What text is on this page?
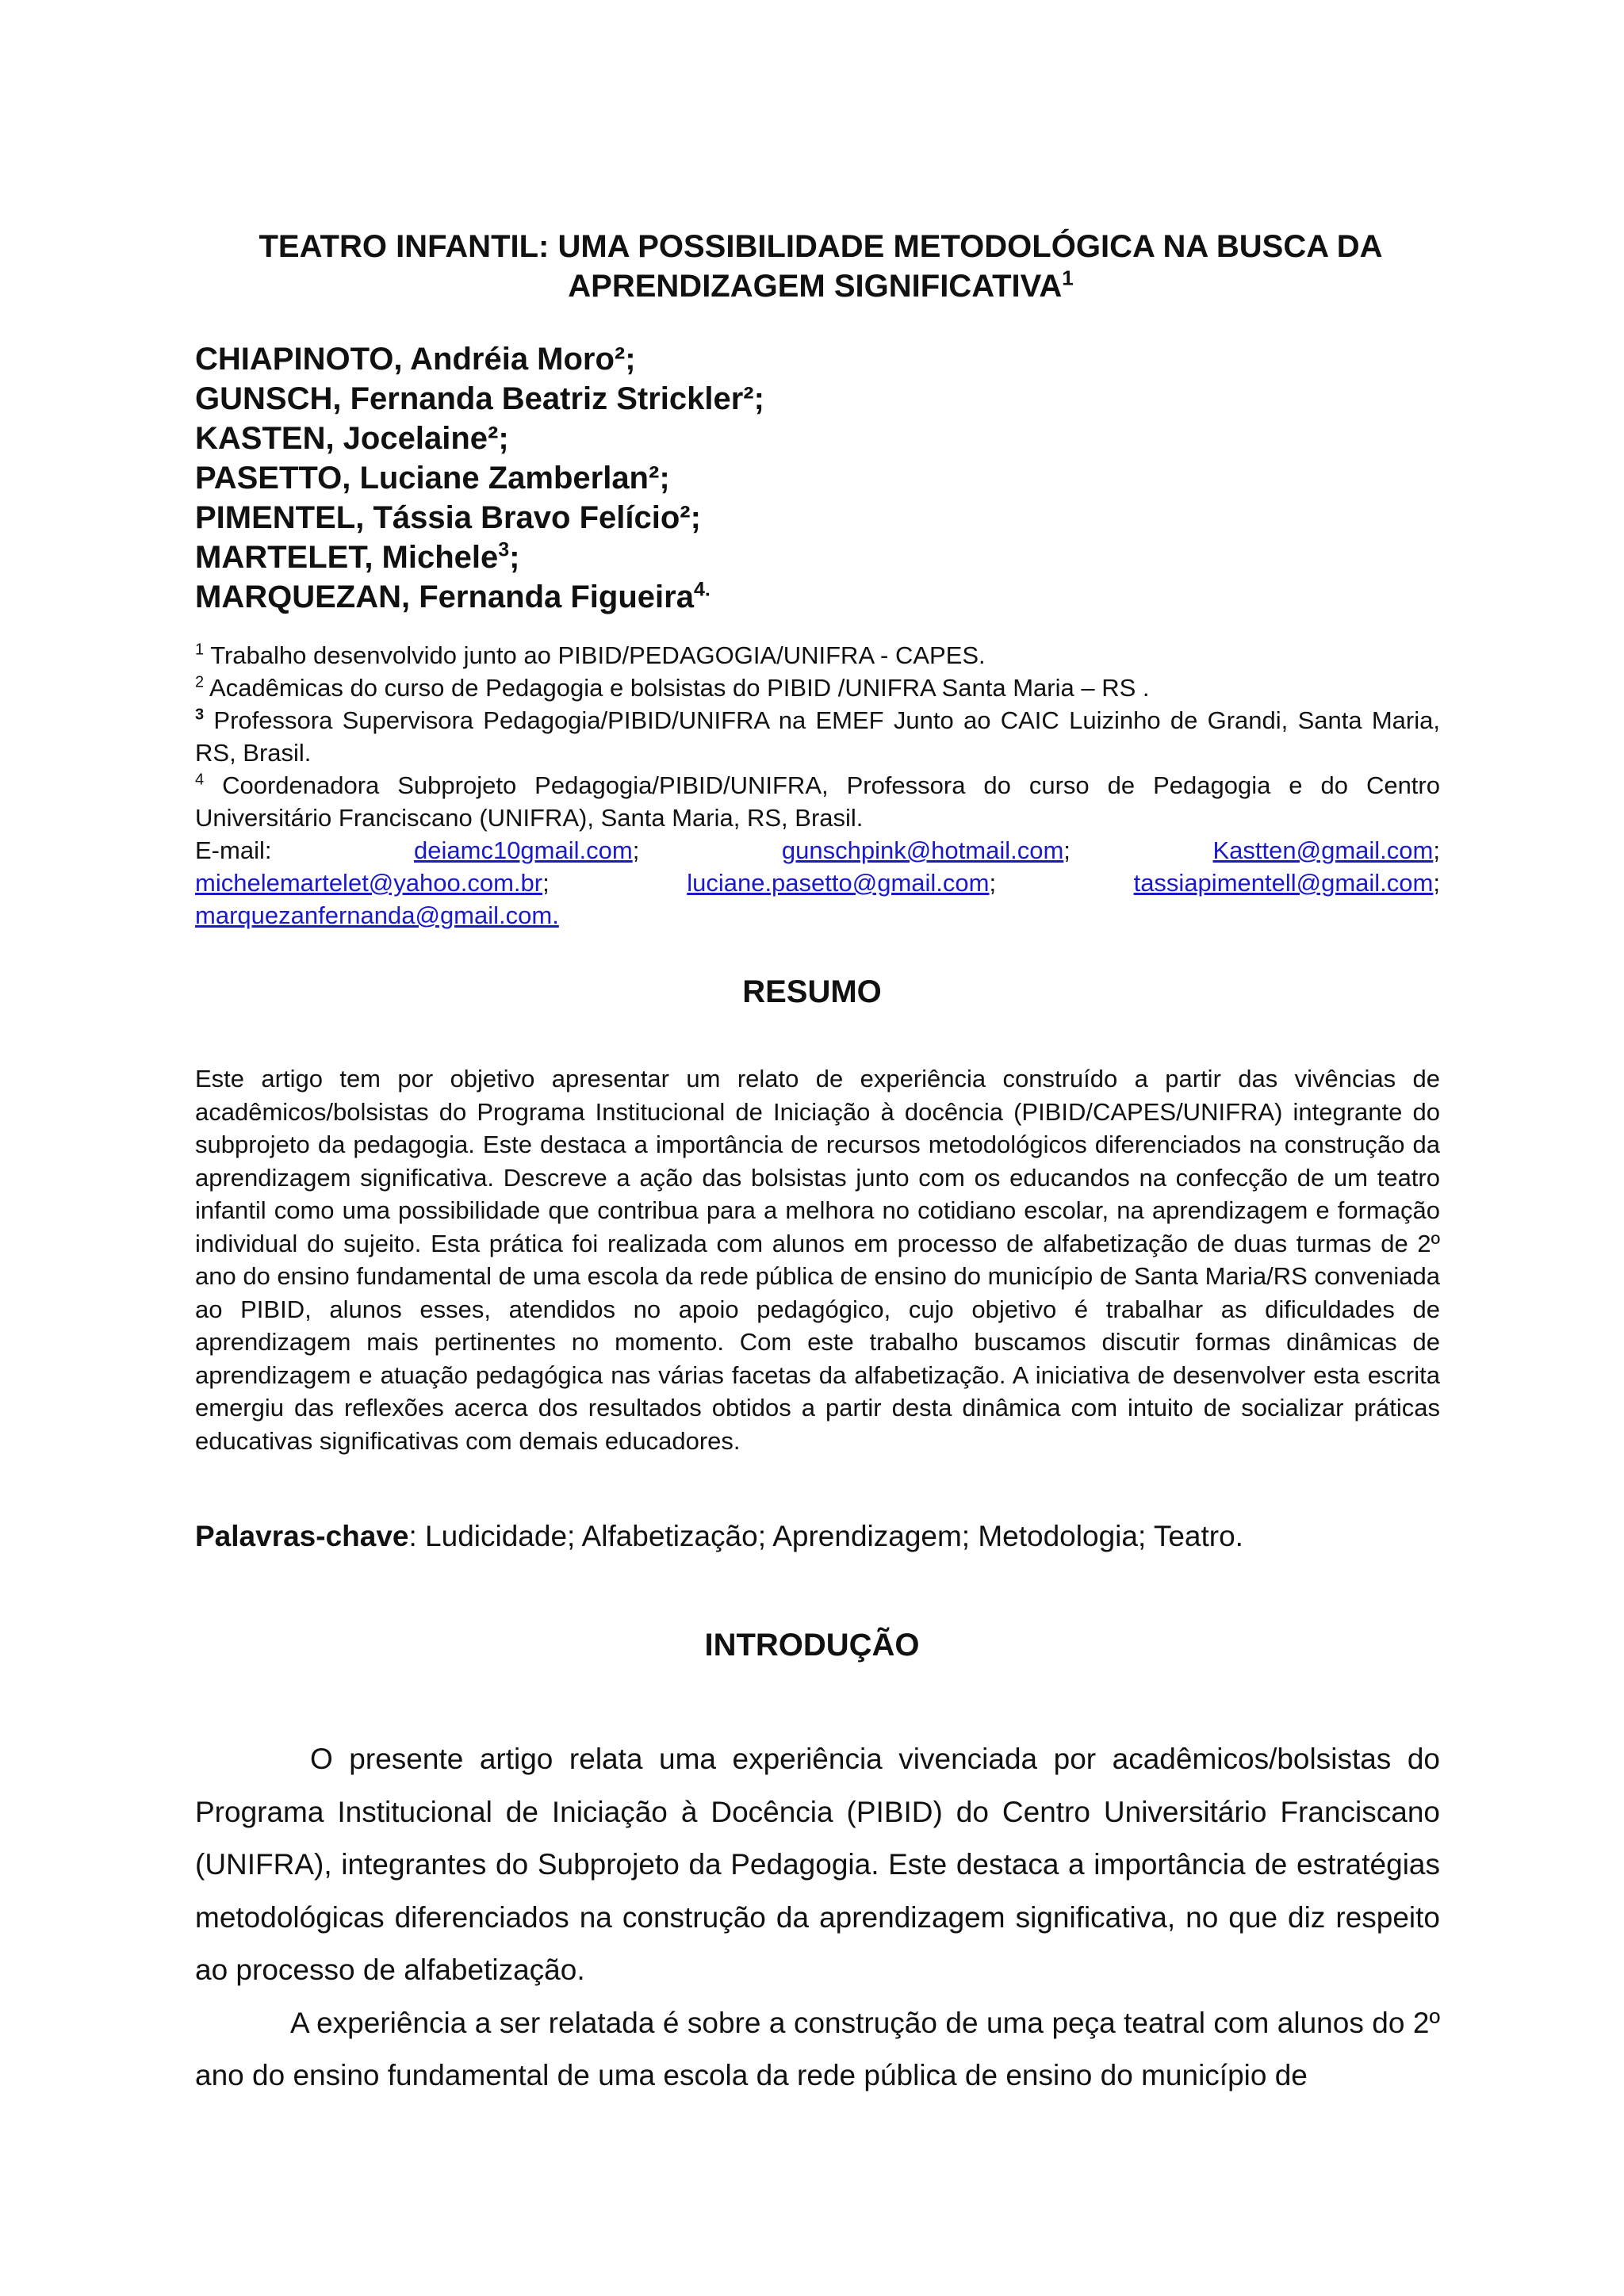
TEATRO INFANTIL: UMA POSSIBILIDADE METODOLÓGICA NA BUSCA DA
APRENDIZAGEM SIGNIFICATIVA$^1$
CHIAPINOTO, Andréia Moro²;
GUNSCH, Fernanda Beatriz Strickler²;
KASTEN, Jocelaine²;
PASETTO, Luciane Zamberlan²;
PIMENTEL, Tássia Bravo Felício²;
MARTELET, Michele$^3$;
MARQUEZAN, Fernanda Figueira$^{4.}$
$^1$ Trabalho desenvolvido junto ao PIBID/PEDAGOGIA/UNIFRA - CAPES.
$^2$ Acadêmicas do curso de Pedagogia e bolsistas do PIBID /UNIFRA Santa Maria – RS .
$^3$ Professora Supervisora Pedagogia/PIBID/UNIFRA na EMEF Junto ao CAIC Luizinho de Grandi, Santa Maria, RS, Brasil.
$^4$ Coordenadora Subprojeto Pedagogia/PIBID/UNIFRA, Professora do curso de Pedagogia e do Centro Universitário Franciscano (UNIFRA), Santa Maria, RS, Brasil.
E-mail:	deiamc10gmail.com;	gunschpink@hotmail.com;	Kastten@gmail.com;
michelemartelet@yahoo.com.br;	luciane.pasetto@gmail.com;	tassiapimentell@gmail.com;
marquezanfernanda@gmail.com.
RESUMO

Este artigo tem por objetivo apresentar um relato de experiência construído a partir das vivências de acadêmicos/bolsistas do Programa Institucional de Iniciação à docência (PIBID/CAPES/UNIFRA) integrante do subprojeto da pedagogia. Este destaca a importância de recursos metodológicos diferenciados na construção da aprendizagem significativa. Descreve a ação das bolsistas junto com os educandos na confecção de um teatro infantil como uma possibilidade que contribua para a melhora no cotidiano escolar, na aprendizagem e formação individual do sujeito. Esta prática foi realizada com alunos em processo de alfabetização de duas turmas de 2º ano do ensino fundamental de uma escola da rede pública de ensino do município de Santa Maria/RS conveniada ao PIBID, alunos esses, atendidos no apoio pedagógico, cujo objetivo é trabalhar as dificuldades de aprendizagem mais pertinentes no momento. Com este trabalho buscamos discutir formas dinâmicas de aprendizagem e atuação pedagógica nas várias facetas da alfabetização. A iniciativa de desenvolver esta escrita emergiu das reflexões acerca dos resultados obtidos a partir desta dinâmica com intuito de socializar práticas educativas significativas com demais educadores.

Palavras-chave: Ludicidade; Alfabetização; Aprendizagem; Metodologia; Teatro.
INTRODUÇÃO

O presente artigo relata uma experiência vivenciada por acadêmicos/bolsistas do Programa Institucional de Iniciação à Docência (PIBID) do Centro Universitário Franciscano (UNIFRA), integrantes do Subprojeto da Pedagogia. Este destaca a importância de estratégias metodológicas diferenciados na construção da aprendizagem significativa, no que diz respeito ao processo de alfabetização.

A experiência a ser relatada é sobre a construção de uma peça teatral com alunos do 2º ano do ensino fundamental de uma escola da rede pública de ensino do município de
